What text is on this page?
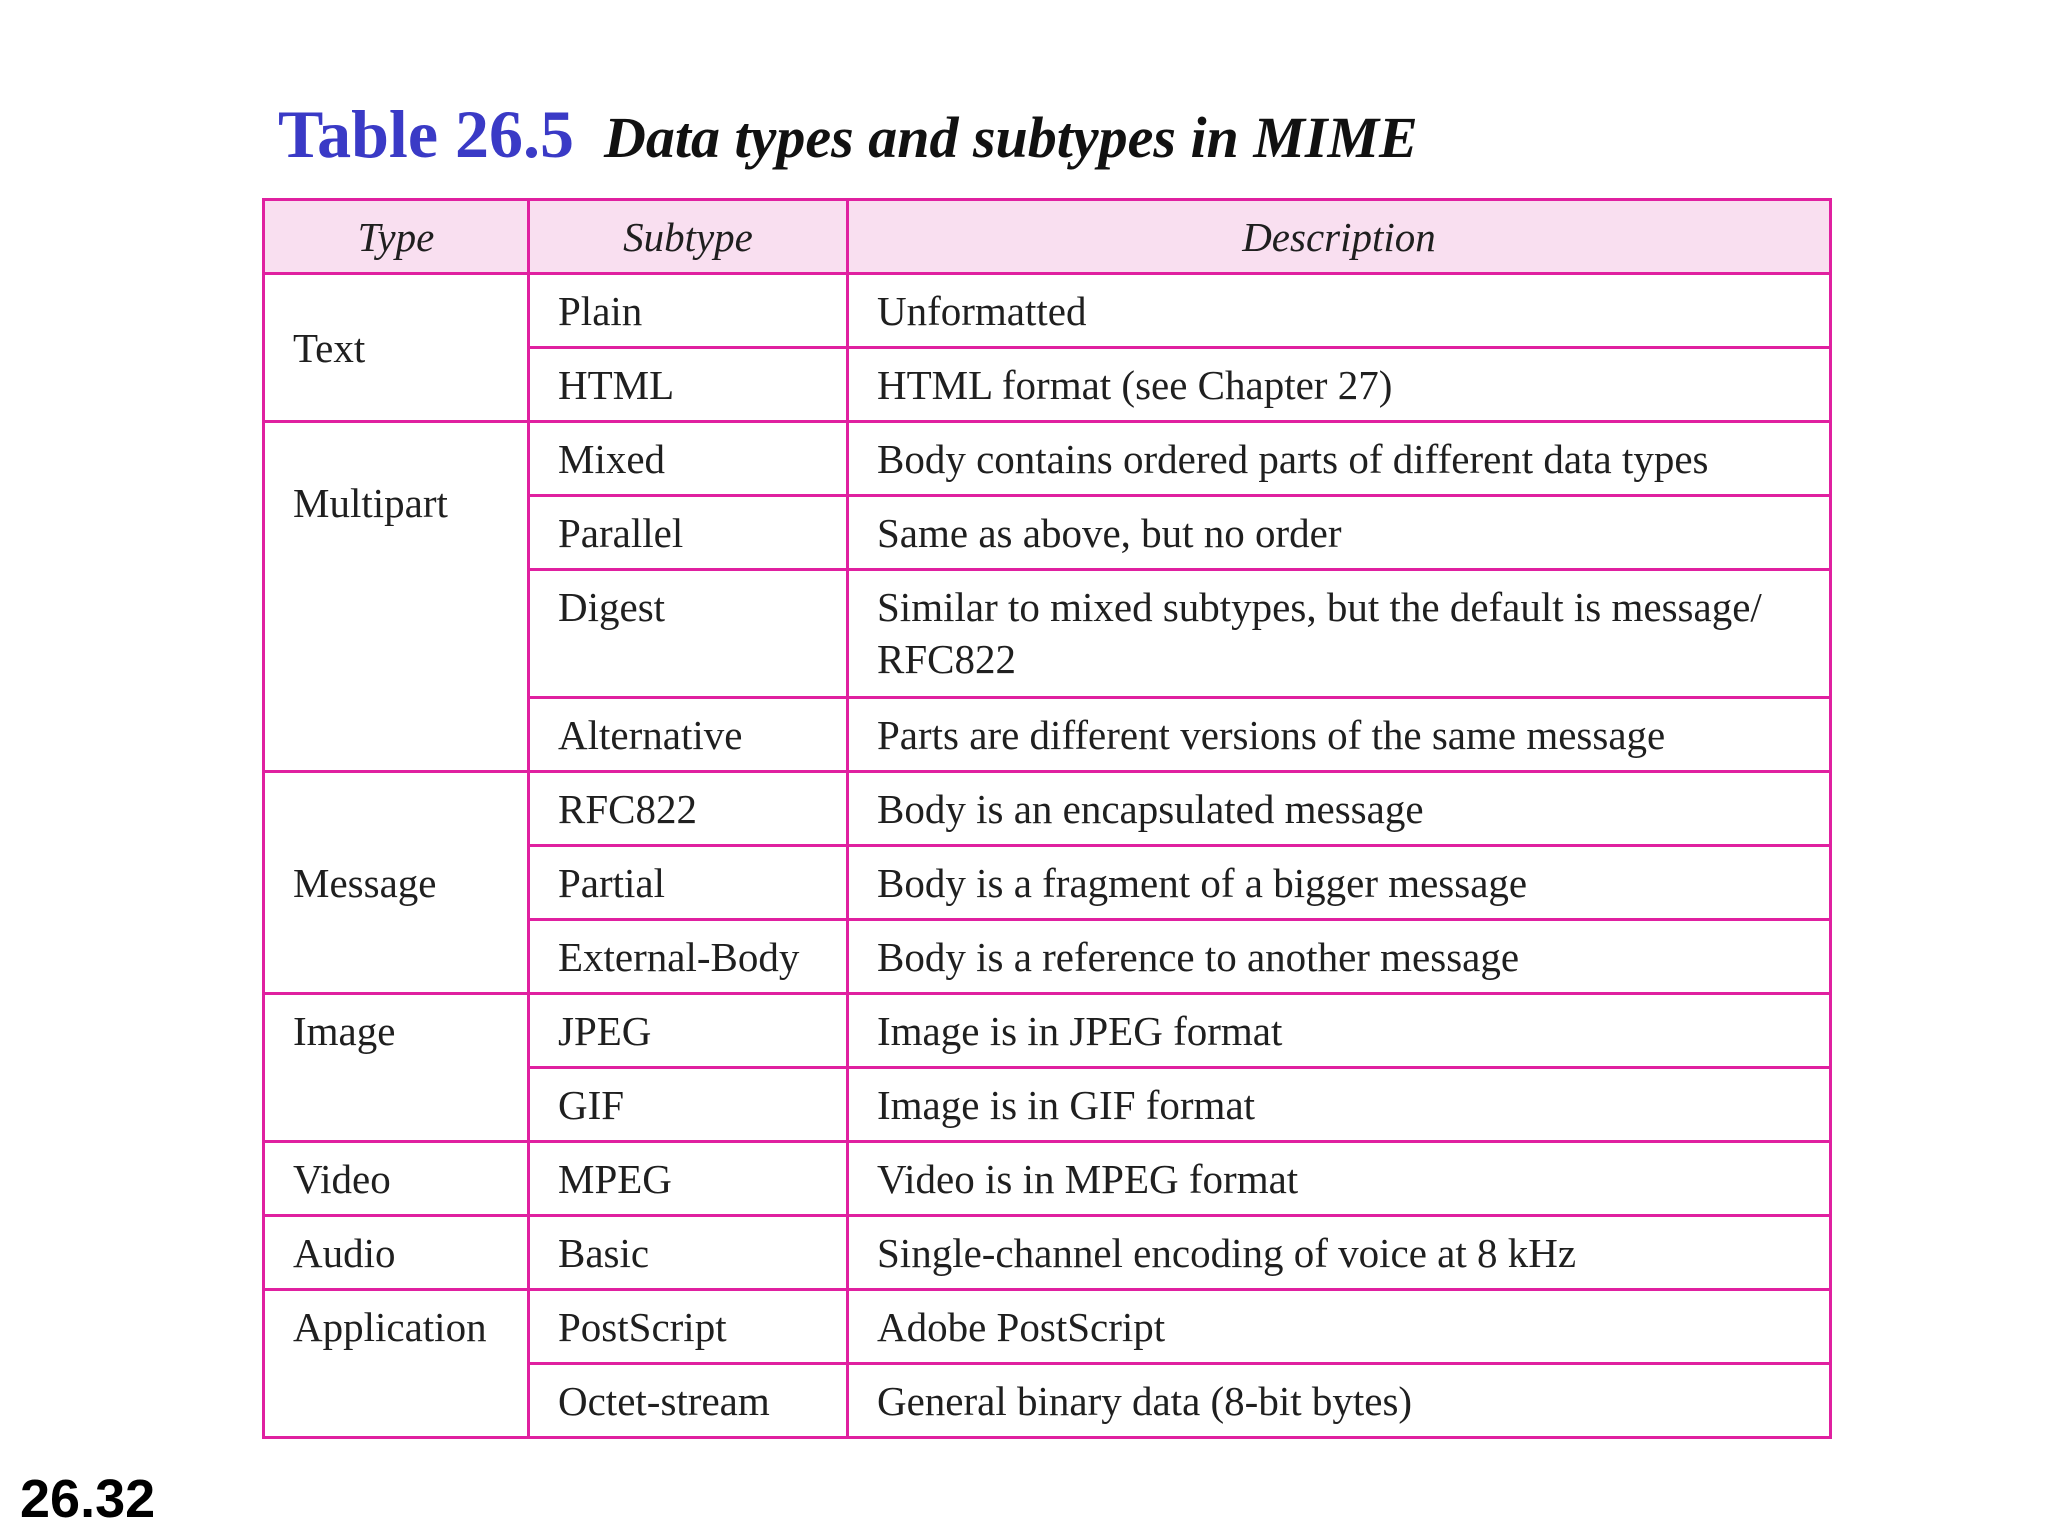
Table 26.5 Data types and subtypes in MIME
Type	Subtype	Description
Text	Plain	Unformatted
	HTML	HTML format (see Chapter 27)

Multipart	Mixed	Body contains ordered parts of different data types
	Parallel	Same as above, but no order
	Digest	Similar to mixed subtypes, but the default is message/
RFC822

	Alternative	Parts are different versions of the same message
Message	RFC822	Body is an encapsulated message
	Partial	Body is a fragment of a bigger message
	External-Body	Body is a reference to another message
Image	JPEG	Image is in JPEG format
	GIF	Image is in GIF format
Video	MPEG	Video is in MPEG format
Audio	Basic	Single-channel encoding of voice at 8 kHz
Application	PostScript	Adobe PostScript
	Octet-stream	General binary data (8-bit bytes)
26.32
